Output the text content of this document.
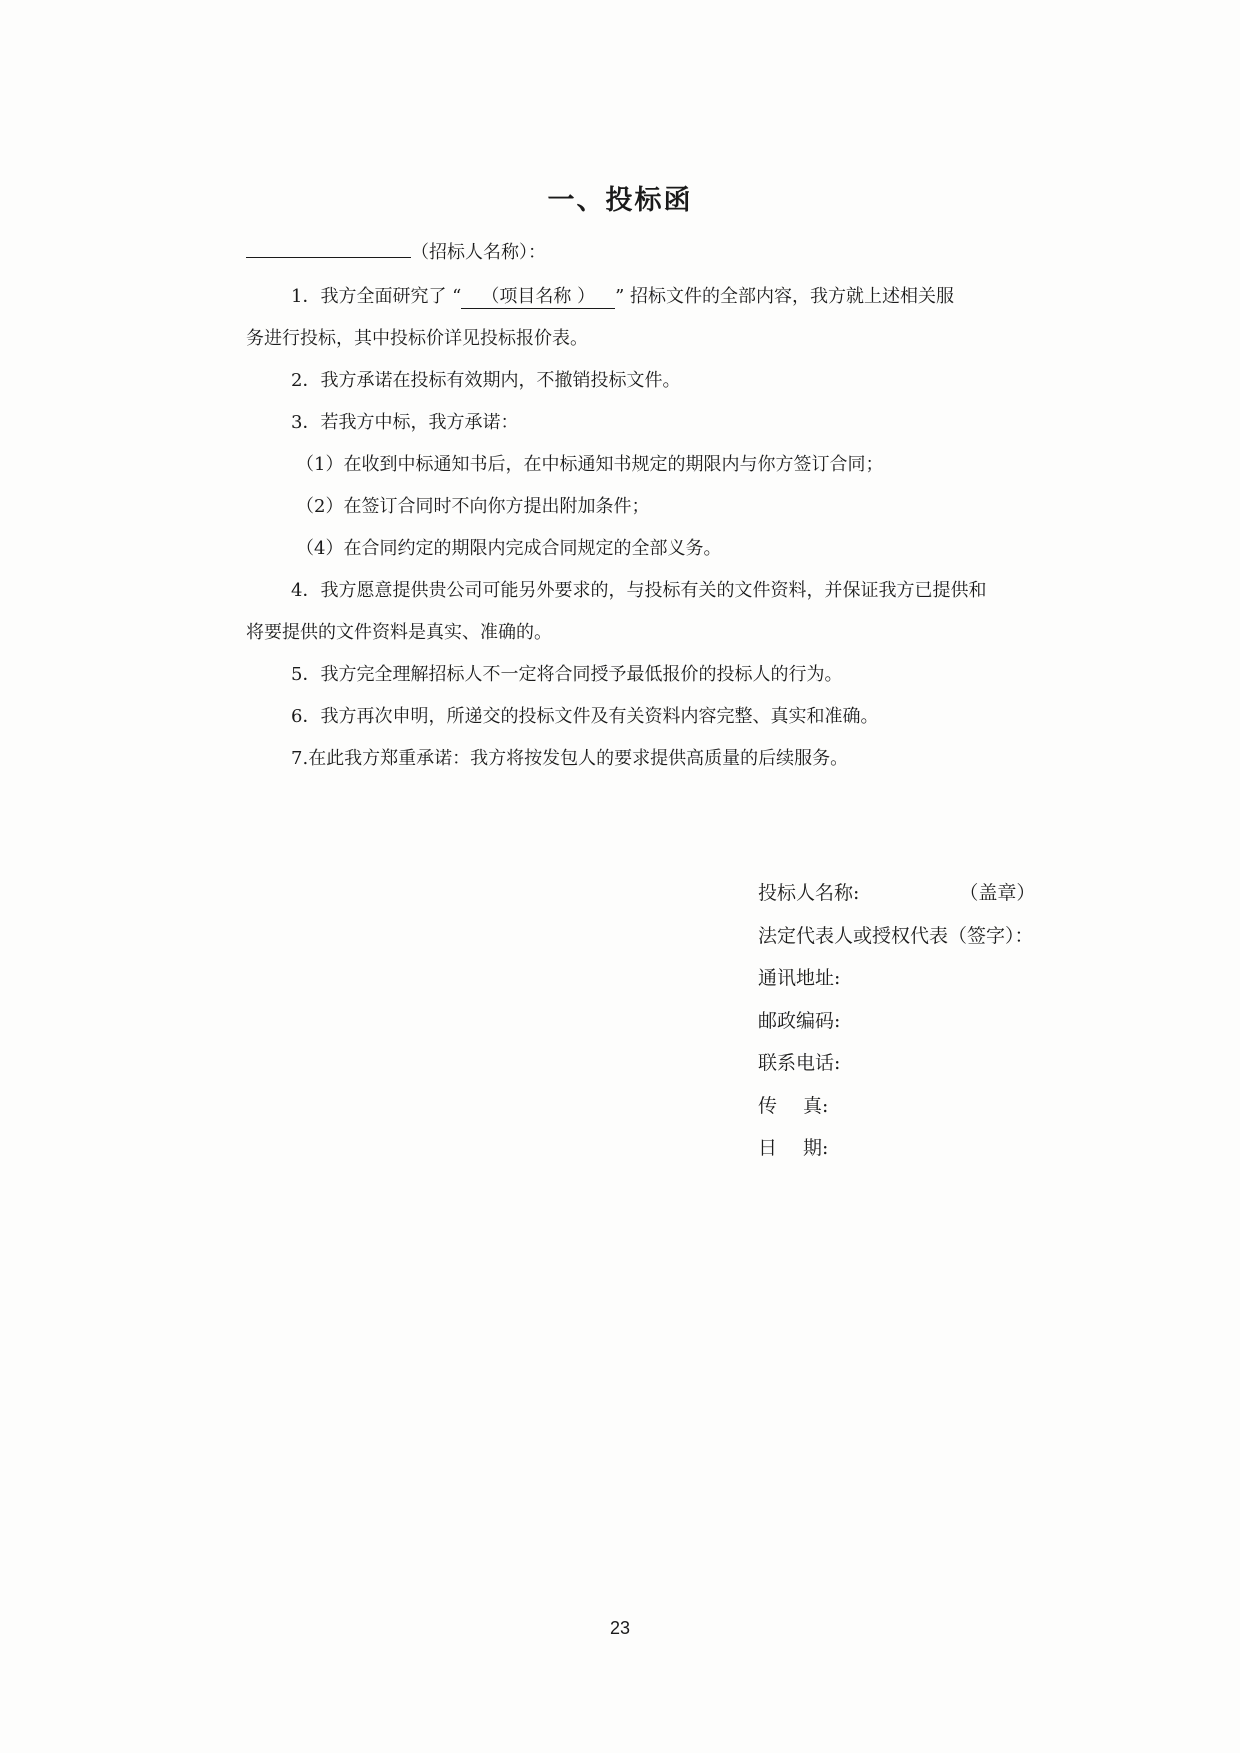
一、投标函
（招标人名称）：

1．我方全面研究了 “ （项目名称 ） ” 招标文件的全部内容，我方就上述相关服

务进行投标，其中投标价详见投标报价表。

2．我方承诺在投标有效期内，不撤销投标文件。

3．若我方中标，我方承诺：

（1）在收到中标通知书后，在中标通知书规定的期限内与你方签订合同；

（2）在签订合同时不向你方提出附加条件；

（4）在合同约定的期限内完成合同规定的全部义务。

4．我方愿意提供贵公司可能另外要求的，与投标有关的文件资料，并保证我方已提供和

将要提供的文件资料是真实、准确的。

5．我方完全理解招标人不一定将合同授予最低报价的投标人的行为。

6．我方再次申明，所递交的投标文件及有关资料内容完整、真实和准确。

7.在此我方郑重承诺：我方将按发包人的要求提供高质量的后续服务。

投标人名称:	（盖章）
法定代表人或授权代表（签字）：
通讯地址:
邮政编码:
联系电话:
传真:
日期:
23
